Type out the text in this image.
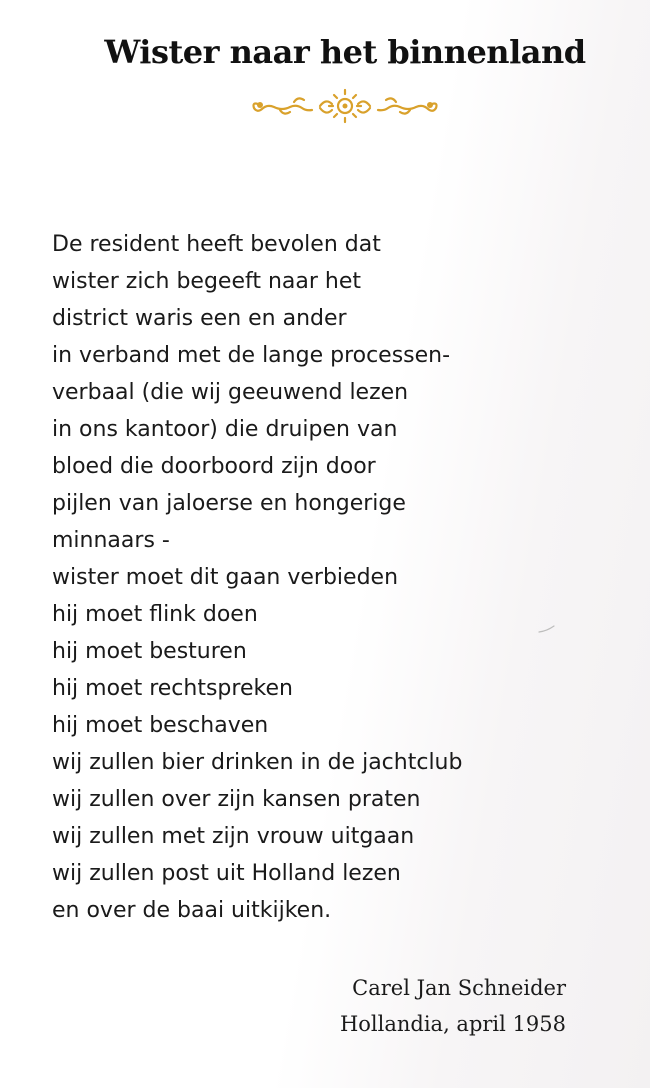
Wister naar het binnenland
De resident heeft bevolen dat
wister zich begeeft naar het
district waris een en ander
in verband met de lange processen-
verbaal (die wij geeuwend lezen
in ons kantoor) die druipen van
bloed die doorboord zijn door
pijlen van jaloerse en hongerige
minnaars -
wister moet dit gaan verbieden
hij moet flink doen
hij moet besturen
hij moet rechtspreken
hij moet beschaven
wij zullen bier drinken in de jachtclub
wij zullen over zijn kansen praten
wij zullen met zijn vrouw uitgaan
wij zullen post uit Holland lezen
en over de baai uitkijken.
Carel Jan Schneider
Hollandia, april 1958
